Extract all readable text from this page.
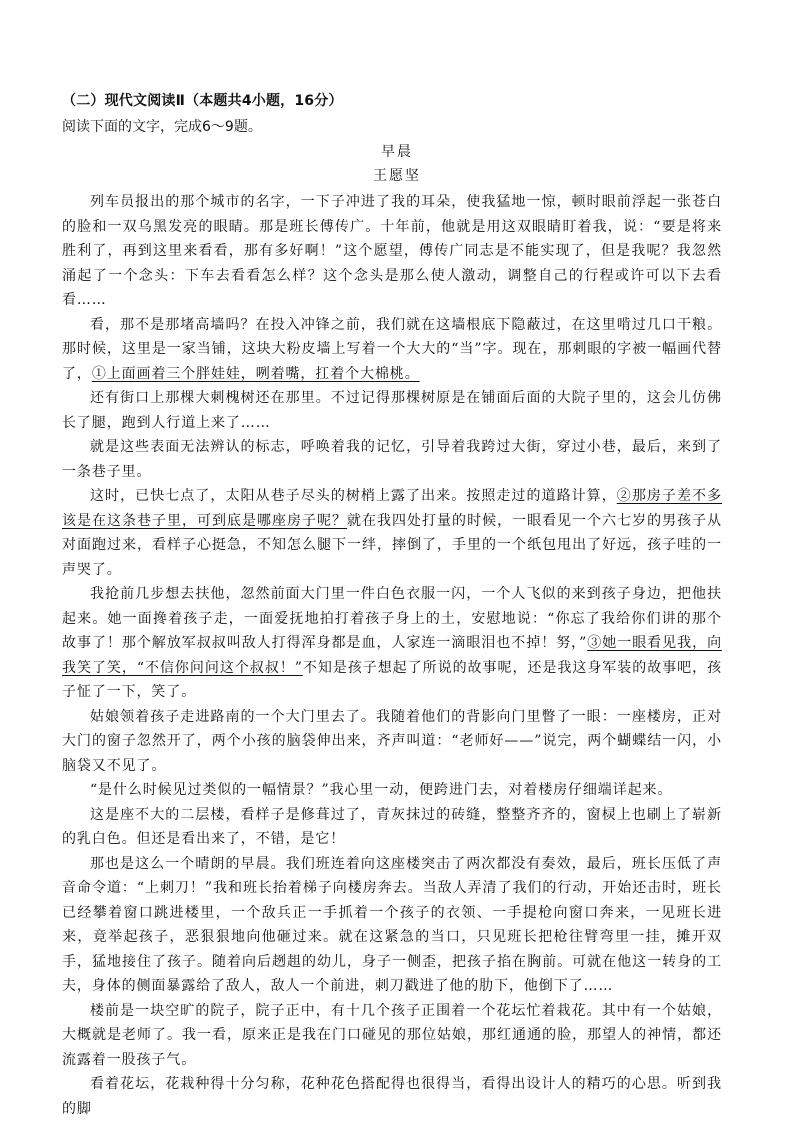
（二）现代文阅读Ⅱ（本题共4小题，16分）
阅读下面的文字，完成6～9题。
早晨
王愿坚

列车员报出的那个城市的名字，一下子冲进了我的耳朵，使我猛地一惊，顿时眼前浮起一张苍白的脸和一双乌黑发亮的眼睛。那是班长傅传广。十年前，他就是用这双眼睛盯着我，说：“要是将来胜利了，再到这里来看看，那有多好啊！”这个愿望，傅传广同志是不能实现了，但是我呢？我忽然涌起了一个念头：下车去看看怎么样？这个念头是那么使人激动，调整自己的行程或许可以下去看看……

看，那不是那堵高墙吗？在投入冲锋之前，我们就在这墙根底下隐蔽过，在这里啃过几口干粮。那时候，这里是一家当铺，这块大粉皮墙上写着一个大大的“当”字。现在，那刺眼的字被一幅画代替了，①上面画着三个胖娃娃，咧着嘴，扛着个大棉桃。

还有街口上那棵大刺槐树还在那里。不过记得那棵树原是在铺面后面的大院子里的，这会儿仿佛长了腿，跑到人行道上来了……

就是这些表面无法辨认的标志，呼唤着我的记忆，引导着我跨过大街，穿过小巷，最后，来到了一条巷子里。

这时，已快七点了，太阳从巷子尽头的树梢上露了出来。按照走过的道路计算，②那房子差不多该是在这条巷子里，可到底是哪座房子呢？就在我四处打量的时候，一眼看见一个六七岁的男孩子从对面跑过来，看样子心挺急，不知怎么腿下一绊，摔倒了，手里的一个纸包甩出了好远，孩子哇的一声哭了。

我抢前几步想去扶他，忽然前面大门里一件白色衣服一闪，一个人飞似的来到孩子身边，把他扶起来。她一面搀着孩子走，一面爱抚地拍打着孩子身上的土，安慰地说：“你忘了我给你们讲的那个故事了！那个解放军叔叔叫敌人打得浑身都是血，人家连一滴眼泪也不掉！努，”③她一眼看见我，向我笑了笑，“不信你问问这个叔叔！”不知是孩子想起了所说的故事呢，还是我这身军装的故事吧，孩子怔了一下，笑了。

姑娘领着孩子走进路南的一个大门里去了。我随着他们的背影向门里瞥了一眼：一座楼房，正对大门的窗子忽然开了，两个小孩的脑袋伸出来，齐声叫道：“老师好——”说完，两个蝴蝶结一闪，小脑袋又不见了。

“是什么时候见过类似的一幅情景？”我心里一动，便跨进门去，对着楼房仔细端详起来。

这是座不大的二层楼，看样子是修葺过了，青灰抹过的砖缝，整整齐齐的，窗棂上也刷上了崭新的乳白色。但还是看出来了，不错，是它！

那也是这么一个晴朗的早晨。我们班连着向这座楼突击了两次都没有奏效，最后，班长压低了声音命令道：“上刺刀！”我和班长抬着梯子向楼房奔去。当敌人弄清了我们的行动，开始还击时，班长已经攀着窗口跳进楼里，一个敌兵正一手抓着一个孩子的衣领、一手提枪向窗口奔来，一见班长进来，竟举起孩子，恶狠狠地向他砸过来。就在这紧急的当口，只见班长把枪往臂弯里一挂，摊开双手，猛地接住了孩子。随着向后趔趄的幼儿，身子一侧歪，把孩子掐在胸前。可就在他这一转身的工夫，身体的侧面暴露给了敌人，敌人一个前进，刺刀戳进了他的肋下，他倒下了……

楼前是一块空旷的院子，院子正中，有十几个孩子正围着一个花坛忙着栽花。其中有一个姑娘，大概就是老师了。我一看，原来正是我在门口碰见的那位姑娘，那红通通的脸，那望人的神情，都还流露着一股孩子气。

看着花坛，花栽种得十分匀称，花种花色搭配得也很得当，看得出设计人的精巧的心思。听到我的脚
